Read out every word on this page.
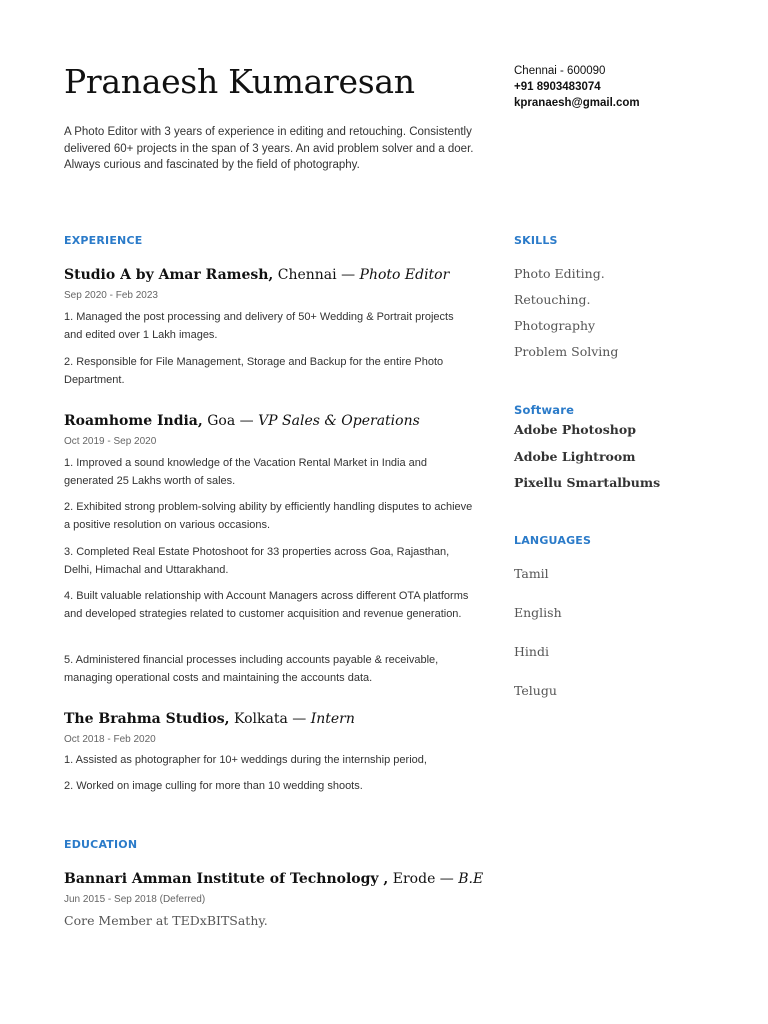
Pranaesh Kumaresan
A Photo Editor with 3 years of experience in editing and retouching. Consistently delivered 60+ projects in the span of 3 years. An avid problem solver and a doer. Always curious and fascinated by the field of photography.
Chennai - 600090
+91 8903483074
kpranaesh@gmail.com
EXPERIENCE
Studio A by Amar Ramesh, Chennai — Photo Editor
Sep 2020 - Feb 2023
1. Managed the post processing and delivery of 50+ Wedding & Portrait projects and edited over 1 Lakh images.
2. Responsible for File Management, Storage and Backup for the entire Photo Department.
Roamhome India, Goa — VP Sales & Operations
Oct 2019 - Sep 2020
1. Improved a sound knowledge of the Vacation Rental Market in India and generated 25 Lakhs worth of sales.
2. Exhibited strong problem-solving ability by efficiently handling disputes to achieve a positive resolution on various occasions.
3. Completed Real Estate Photoshoot for 33 properties across Goa, Rajasthan, Delhi, Himachal and Uttarakhand.
4. Built valuable relationship with Account Managers across different OTA platforms and developed strategies related to customer acquisition and revenue generation.
5. Administered financial processes including accounts payable & receivable, managing operational costs and maintaining the accounts data.
The Brahma Studios, Kolkata — Intern
Oct 2018 - Feb 2020
1. Assisted as photographer for 10+ weddings during the internship period,
2. Worked on image culling for more than 10 wedding shoots.
EDUCATION
Bannari Amman Institute of Technology , Erode — B.E
Jun 2015 - Sep 2018 (Deferred)
Core Member at TEDxBITSathy.
SKILLS
Photo Editing.
Retouching.
Photography
Problem Solving
Software
Adobe Photoshop
Adobe Lightroom
Pixellu Smartalbums
LANGUAGES
Tamil
English
Hindi
Telugu
